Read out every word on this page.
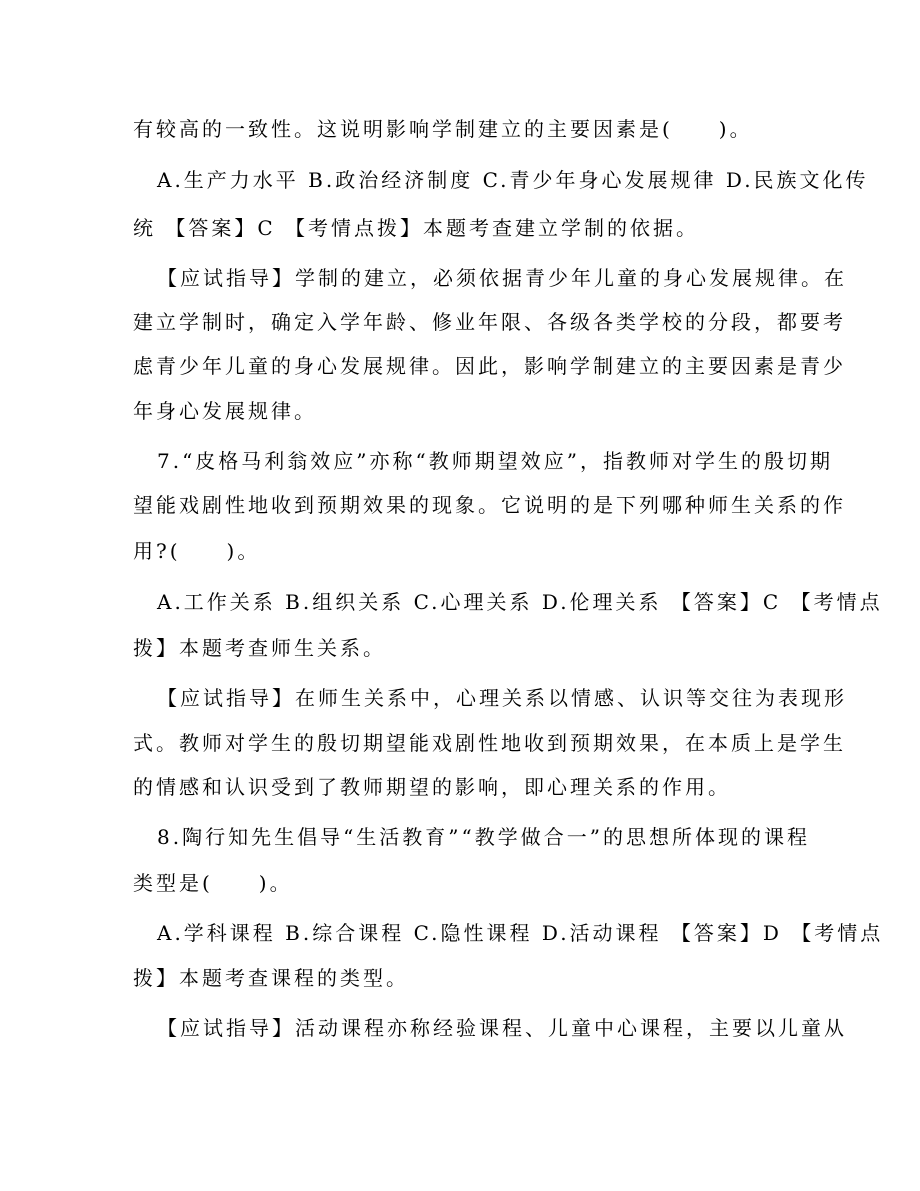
有较高的一致性。这说明影响学制建立的主要因素是(　　)。
A.生产力水平 B.政治经济制度 C.青少年身心发展规律 D.民族文化传
统 【答案】C 【考情点拨】本题考查建立学制的依据。
【应试指导】学制的建立，必须依据青少年儿童的身心发展规律。在
建立学制时，确定入学年龄、修业年限、各级各类学校的分段，都要考
虑青少年儿童的身心发展规律。因此，影响学制建立的主要因素是青少
年身心发展规律。
7.“皮格马利翁效应”亦称“教师期望效应”，指教师对学生的殷切期
望能戏剧性地收到预期效果的现象。它说明的是下列哪种师生关系的作
用?(　　)。
A.工作关系 B.组织关系 C.心理关系 D.伦理关系 【答案】C 【考情点
拨】本题考查师生关系。
【应试指导】在师生关系中，心理关系以情感、认识等交往为表现形
式。教师对学生的殷切期望能戏剧性地收到预期效果，在本质上是学生
的情感和认识受到了教师期望的影响，即心理关系的作用。
8.陶行知先生倡导“生活教育”“教学做合一”的思想所体现的课程
类型是(　　)。
A.学科课程 B.综合课程 C.隐性课程 D.活动课程 【答案】D 【考情点
拨】本题考查课程的类型。
【应试指导】活动课程亦称经验课程、儿童中心课程，主要以儿童从
